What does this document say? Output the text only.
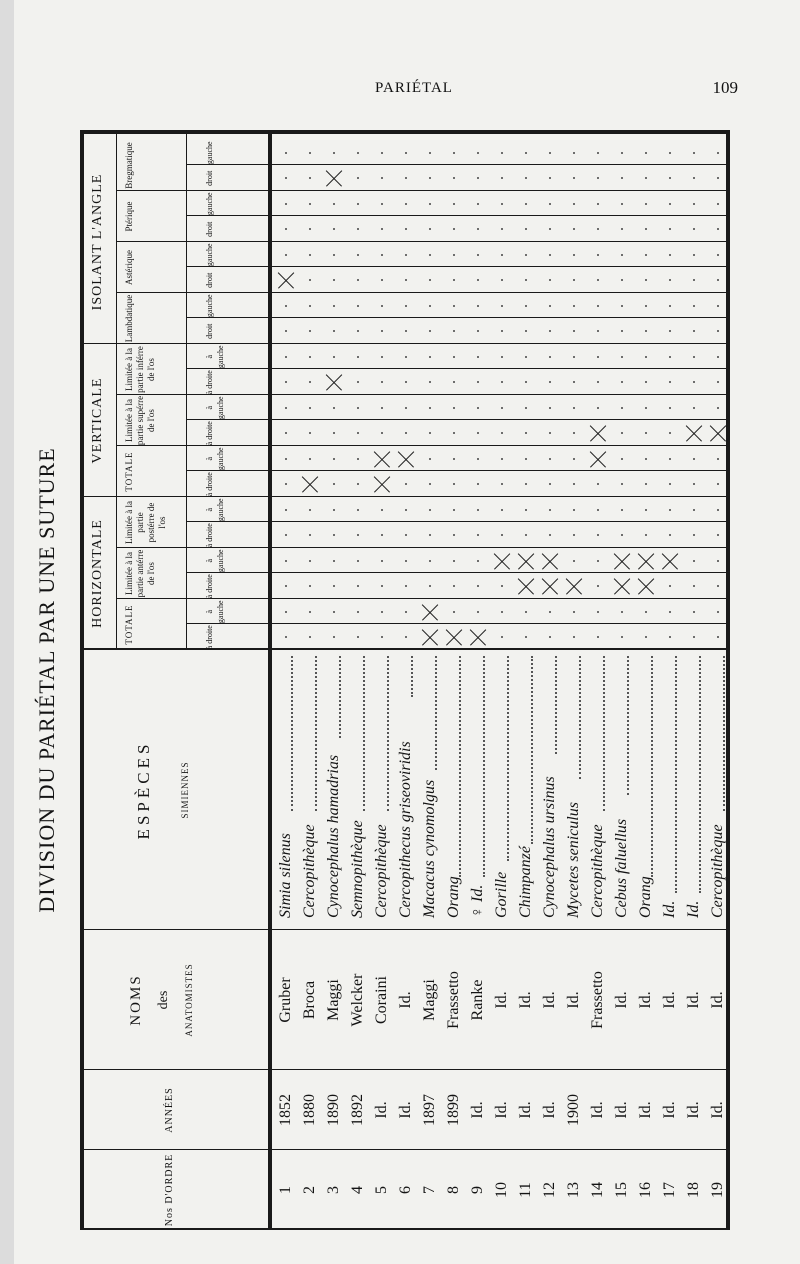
PARIÉTAL	109
DIVISION DU PARIÉTAL PAR UNE SUTURE
Nos D'ORDRE
ANNÉES
NOMS des ANATOMISTES
ESPÈCES	SIMIENNES
HORIZONTALE
VERTICALE
ISOLANT L'ANGLE
TOTALE
Limitée à la partie antérre de l'os
Limitée à la partie postérre de l'os
TOTALE
Limitée à la partie supérre de l'os
Limitée à la partie inférre de l'os
Lambdatique
Astérique
Ptérique
Bregmatique
à droite
à gauche
à droite
à gauche
à droite
à gauche
à droite
à gauche
à droite
à gauche
à droite
à gauche
droit
gauche
droit
gauche
droit
gauche
droit
gauche
1
1852
Gruber
Simia silenus
2
1880
Broca
Cercopithèque
3
1890
Maggi
Cynocephalus hamadrias
4
1892
Welcker
Semnopithèque
5
Id.
Coraini
Cercopithèque
6
Id.
Id.
Cercopithecus griseoviridis
7
1897
Maggi
Macacus cynomolgus
8
1899
Frassetto
Orang
9
Id.
Ranke
♀ Id.
10
Id.
Id.
Gorille
11
Id.
Id.
Chimpanzé
12
Id.
Id.
Cynocephalus ursinus
13
1900
Id.
Mycetes seniculus
14
Id.
Frassetto
Cercopithèque
15
Id.
Id.
Cebus faluellus
16
Id.
Id.
Orang
17
Id.
Id.
Id.
18
Id.
Id.
Id.
19
Id.
Id.
Cercopithèque
